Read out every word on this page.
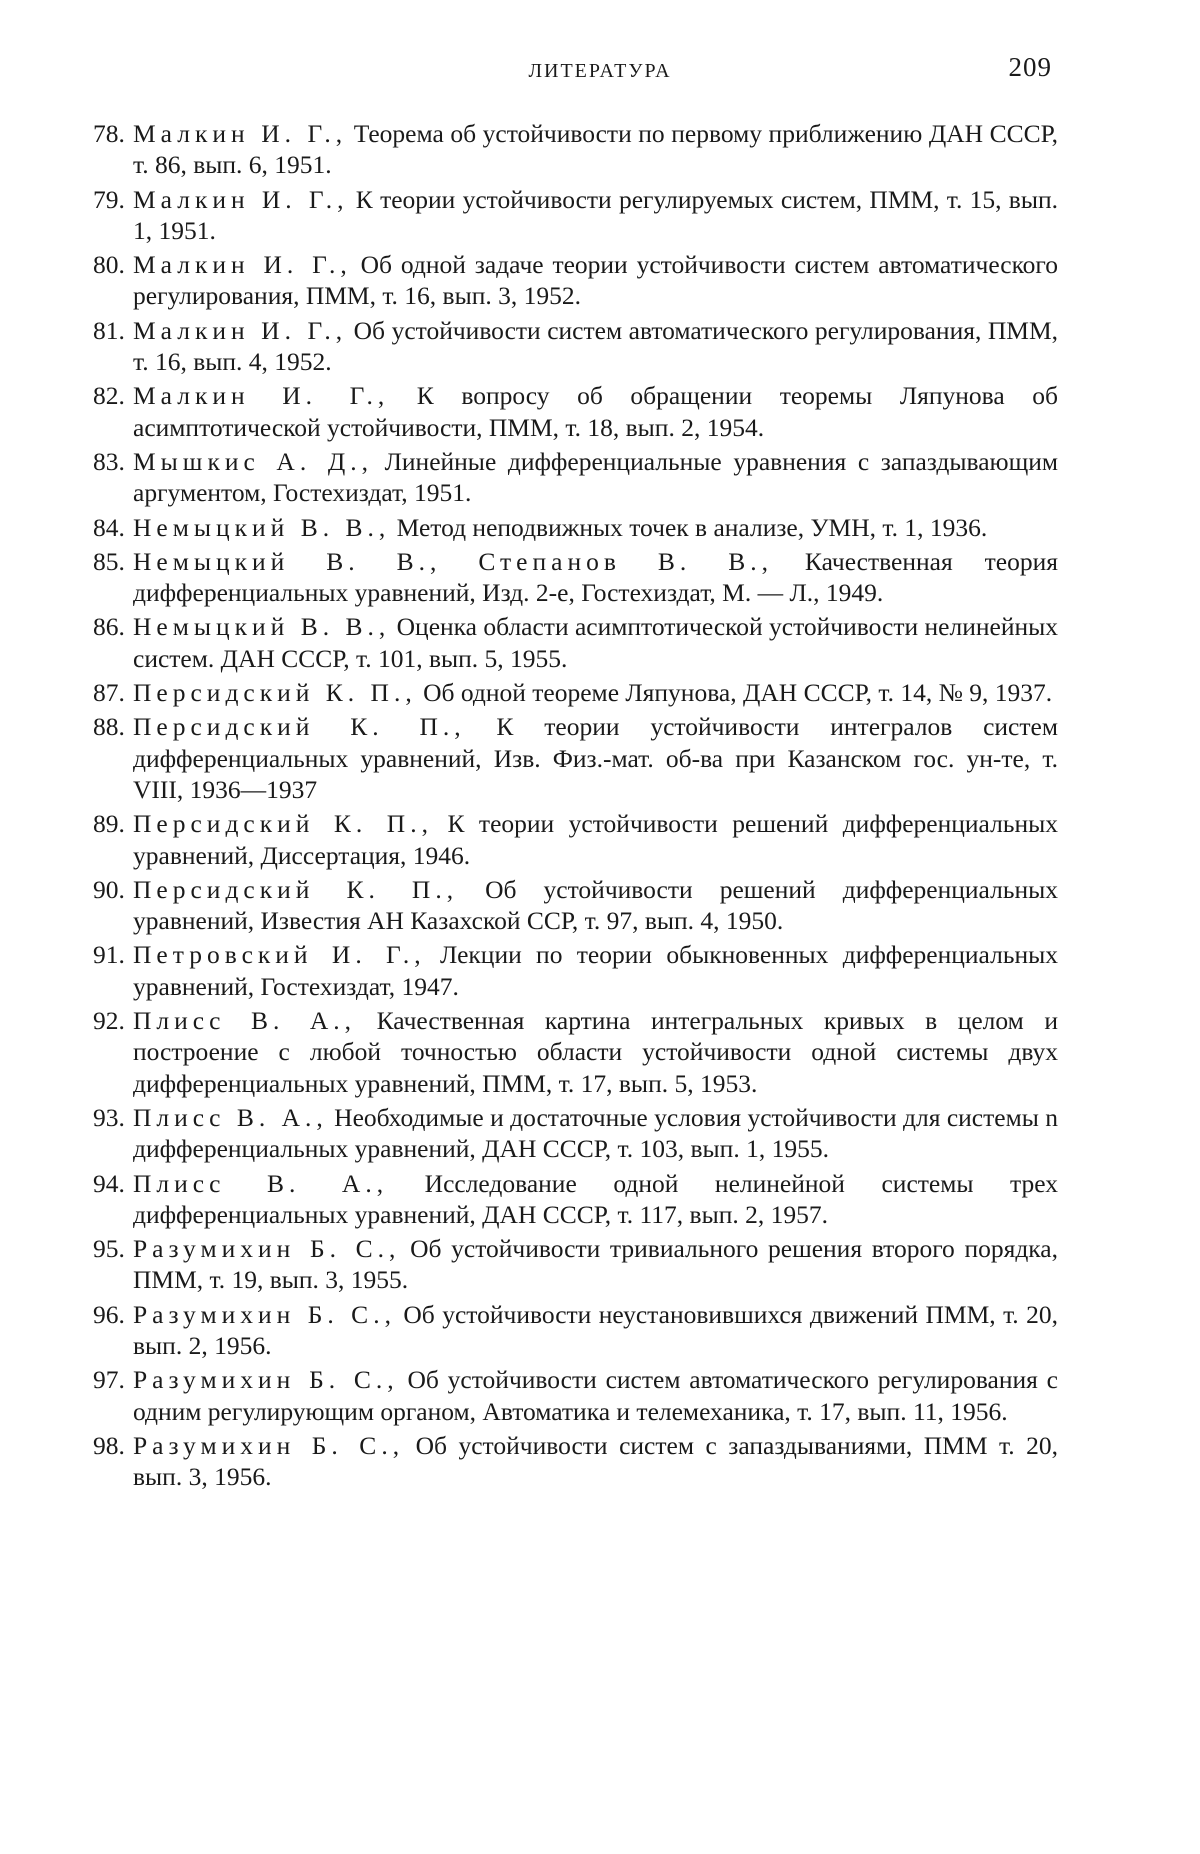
ЛИТЕРАТУРА	209
78. Малкин И. Г., Теорема об устойчивости по первому приближению ДАН СССР, т. 86, вып. 6, 1951.
79. Малкин И. Г., К теории устойчивости регулируемых систем, ПММ, т. 15, вып. 1, 1951.
80. Малкин И. Г., Об одной задаче теории устойчивости систем автоматического регулирования, ПММ, т. 16, вып. 3, 1952.
81. Малкин И. Г., Об устойчивости систем автоматического регулирования, ПММ, т. 16, вып. 4, 1952.
82. Малкин И. Г., К вопросу об обращении теоремы Ляпунова об асимптотической устойчивости, ПММ, т. 18, вып. 2, 1954.
83. Мышкис А. Д., Линейные дифференциальные уравнения с запаздывающим аргументом, Гостехиздат, 1951.
84. Немыцкий В. В., Метод неподвижных точек в анализе, УМН, т. 1, 1936.
85. Немыцкий В. В., Степанов В. В., Качественная теория дифференциальных уравнений, Изд. 2-е, Гостехиздат, М. — Л., 1949.
86. Немыцкий В. В., Оценка области асимптотической устойчивости нелинейных систем. ДАН СССР, т. 101, вып. 5, 1955.
87. Персидский К. П., Об одной теореме Ляпунова, ДАН СССР, т. 14, № 9, 1937.
88. Персидский К. П., К теории устойчивости интегралов систем дифференциальных уравнений, Изв. Физ.-мат. об-ва при Казанском гос. ун-те, т. VIII, 1936—1937
89. Персидский К. П., К теории устойчивости решений дифференциальных уравнений, Диссертация, 1946.
90. Персидский К. П., Об устойчивости решений дифференциальных уравнений, Известия АН Казахской ССР, т. 97, вып. 4, 1950.
91. Петровский И. Г., Лекции по теории обыкновенных дифференциальных уравнений, Гостехиздат, 1947.
92. Плисс В. А., Качественная картина интегральных кривых в целом и построение с любой точностью области устойчивости одной системы двух дифференциальных уравнений, ПММ, т. 17, вып. 5, 1953.
93. Плисс В. А., Необходимые и достаточные условия устойчивости для системы n дифференциальных уравнений, ДАН СССР, т. 103, вып. 1, 1955.
94. Плисс В. А., Исследование одной нелинейной системы трех дифференциальных уравнений, ДАН СССР, т. 117, вып. 2, 1957.
95. Разумихин Б. С., Об устойчивости тривиального решения второго порядка, ПММ, т. 19, вып. 3, 1955.
96. Разумихин Б. С., Об устойчивости неустановившихся движений ПММ, т. 20, вып. 2, 1956.
97. Разумихин Б. С., Об устойчивости систем автоматического регулирования с одним регулирующим органом, Автоматика и телемеханика, т. 17, вып. 11, 1956.
98. Разумихин Б. С., Об устойчивости систем с запаздываниями, ПММ т. 20, вып. 3, 1956.
